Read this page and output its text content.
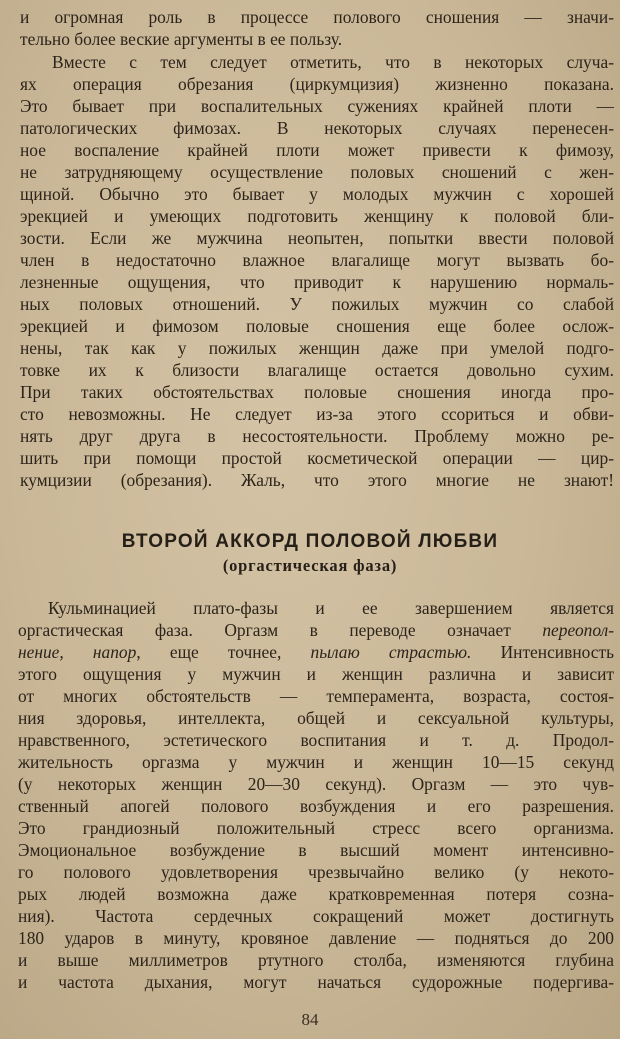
и огромная роль в процессе полового сношения — значи-
тельно более веские аргументы в ее пользу.
Вместе с тем следует отметить, что в некоторых случа-
ях операция обрезания (циркумцизия) жизненно показана.
Это бывает при воспалительных сужениях крайней плоти —
патологических фимозах. В некоторых случаях перенесен-
ное воспаление крайней плоти может привести к фимозу,
не затрудняющему осуществление половых сношений с жен-
щиной. Обычно это бывает у молодых мужчин с хорошей
эрекцией и умеющих подготовить женщину к половой бли-
зости. Если же мужчина неопытен, попытки ввести половой
член в недостаточно влажное влагалище могут вызвать бо-
лезненные ощущения, что приводит к нарушению нормаль-
ных половых отношений. У пожилых мужчин со слабой
эрекцией и фимозом половые сношения еще более ослож-
нены, так как у пожилых женщин даже при умелой подго-
товке их к близости влагалище остается довольно сухим.
При таких обстоятельствах половые сношения иногда про-
сто невозможны. Не следует из-за этого ссориться и обви-
нять друг друга в несостоятельности. Проблему можно ре-
шить при помощи простой косметической операции — цир-
кумцизии (обрезания). Жаль, что этого многие не знают!
ВТОРОЙ АККОРД ПОЛОВОЙ ЛЮБВИ
(оргастическая фаза)
Кульминацией плато-фазы и ее завершением является
оргастическая фаза. Оргазм в переводе означает переопол-
нение, напор, еще точнее, пылаю страстью. Интенсивность
этого ощущения у мужчин и женщин различна и зависит
от многих обстоятельств — темперамента, возраста, состоя-
ния здоровья, интеллекта, общей и сексуальной культуры,
нравственного, эстетического воспитания и т. д. Продол-
жительность оргазма у мужчин и женщин 10—15 секунд
(у некоторых женщин 20—30 секунд). Оргазм — это чув-
ственный апогей полового возбуждения и его разрешения.
Это грандиозный положительный стресс всего организма.
Эмоциональное возбуждение в высший момент интенсивно-
го полового удовлетворения чрезвычайно велико (у некото-
рых людей возможна даже кратковременная потеря созна-
ния). Частота сердечных сокращений может достигнуть
180 ударов в минуту, кровяное давление — подняться до 200
и выше миллиметров ртутного столба, изменяются глубина
и частота дыхания, могут начаться судорожные подергива-
84
